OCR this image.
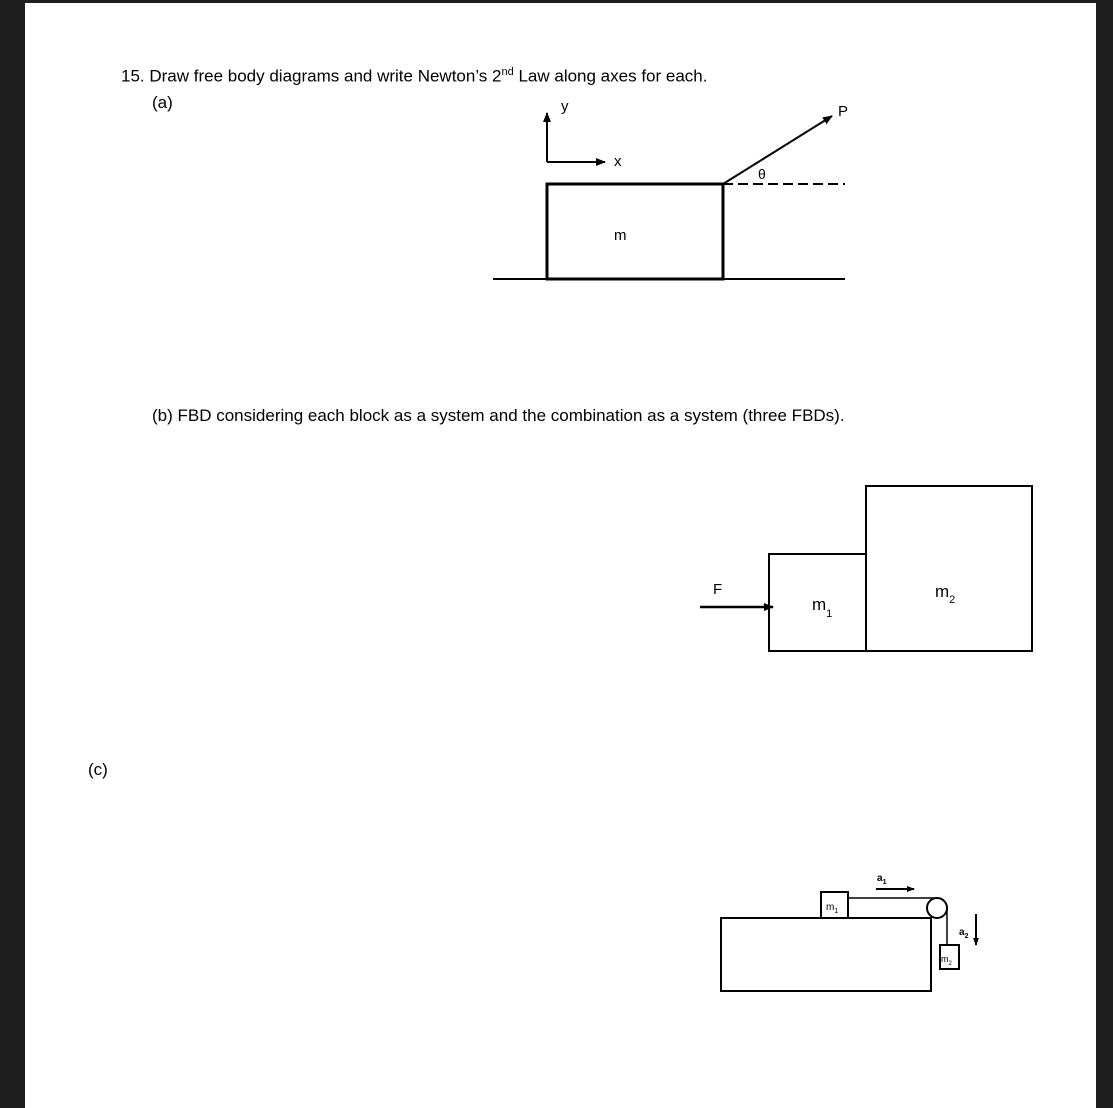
15. Draw free body diagrams and write Newton’s 2nd Law along axes for each.
(a)
(b) FBD considering each block as a system and the combination as a system (three FBDs).
(c)
y
x
m
P
θ
F
$m_1$
$m_2$
$m_1$
$m_2$
$a_1$
$a_2$
